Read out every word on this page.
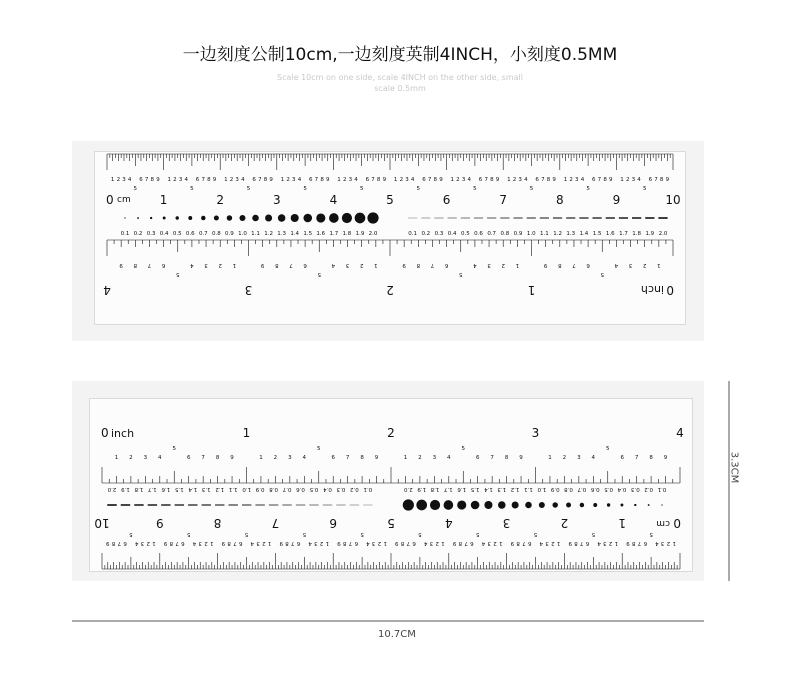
一边刻度公制10cm,一边刻度英制4INCH，小刻度0.5MM
Scale 10cm on one side, scale 4INCH on the other side, small scale 0.5mm
1 2 3 4 6 7 8 9
5
1 2 3 4 6 7 8 9
5
1 2 3 4 6 7 8 9
5
1 2 3 4 6 7 8 9
5
1 2 3 4 6 7 8 9
5
1 2 3 4 6 7 8 9
5
1 2 3 4 6 7 8 9
5
1 2 3 4 6 7 8 9
5
1 2 3 4 6 7 8 9
5
1 2 3 4 6 7 8 9
5
0	1	2	3	4	5	6	7	8	9	10
cm
0.1 0.2 0.3 0.4 0.5 0.6 0.7 0.8 0.9 1.0 1.1 1.2 1.3 1.4 1.5 1.6 1.7 1.8 1.9 2.0	0.1 0.2 0.3 0.4 0.5 0.6 0.7 0.8 0.9 1.0 1.1 1.2 1.3 1.4 1.5 1.6 1.7 1.8 1.9 2.0
1
2
3
4
6
7
8
9
5
1
2
3
4
6
7
8
9
5
1
2
3
4
6
7
8
9
5
1
2
3
4
6
7
8
9
5
0
1
2
3
4	inch
1
2
3
4
6
7
8
9
5
1
2
3
4
6
7
8
9
5
1
2
3
4
6
7
8
9
5
1
2
3
4
6
7
8
9
5
1
2
3
4
6
7
8
9
5
1
2
3
4
6
7
8
9
5
1
2
3
4
6
7
8
9
5
1
2
3
4
6
7
8
9
5
1
2
3
4
6
7
8
9
5
1
2
3
4
6
7
8
9
5
0
1
2
3
4
5
6
7
8
9
10	cm
0.1
0.2
0.3
0.4
0.5
0.6
0.7
0.8
0.9
1.0
1.1
1.2
1.3
1.4
1.5
1.6
1.7
1.8
1.9
2.0
0.1
0.2
0.3
0.4
0.5
0.6
0.7
0.8
0.9
1.0
1.1
1.2
1.3
1.4
1.5
1.6
1.7
1.8
1.9
2.0
1 2 3 4	6 7 8 9
5
1 2 3 4	6 7 8 9
5
1 2 3 4	6 7 8 9
5
1 2 3 4	6 7 8 9
5
0	1	2	3	4
inch
10.7CM
3.3CM
